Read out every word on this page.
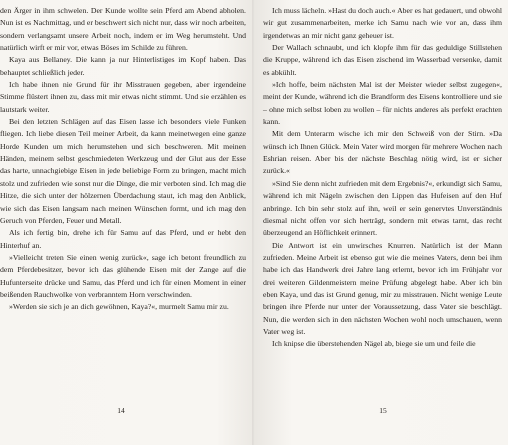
den Ärger in ihm schwelen. Der Kunde wollte sein Pferd am Abend abholen. Nun ist es Nachmittag, und er beschwert sich nicht nur, dass wir noch arbeiten, sondern verlangsamt unsere Arbeit noch, indem er im Weg herumsteht. Und natürlich wirft er mir vor, etwas Böses im Schilde zu führen.

Kaya aus Bellaney. Die kann ja nur Hinterlistiges im Kopf haben. Das behauptet schließlich jeder.

Ich habe ihnen nie Grund für ihr Misstrauen gegeben, aber irgendeine Stimme flüstert ihnen zu, dass mit mir etwas nicht stimmt. Und sie erzählen es lautstark weiter.

Bei den letzten Schlägen auf das Eisen lasse ich besonders viele Funken fliegen. Ich liebe diesen Teil meiner Arbeit, da kann meinetwegen eine ganze Horde Kunden um mich herumstehen und sich beschweren. Mit meinen Händen, meinem selbst geschmiedeten Werkzeug und der Glut aus der Esse das harte, unnachgiebige Eisen in jede beliebige Form zu bringen, macht mich stolz und zufrieden wie sonst nur die Dinge, die mir verboten sind. Ich mag die Hitze, die sich unter der hölzernen Überdachung staut, ich mag den Anblick, wie sich das Eisen langsam nach meinen Wünschen formt, und ich mag den Geruch von Pferden, Feuer und Metall.

Als ich fertig bin, drehe ich für Samu auf das Pferd, und er hebt den Hinterhuf an.

»Vielleicht treten Sie einen wenig zurück«, sage ich betont freundlich zu dem Pferdebesitzer, bevor ich das glühende Eisen mit der Zange auf die Hufunterseite drücke und Samu, das Pferd und ich für einen Moment in einer beißenden Rauchwolke von verbranntem Horn verschwinden.

»Werden sie sich je an dich gewöhnen, Kaya?«, murmelt Samu mir zu.

14

Ich muss lächeln. »Hast du doch auch.« Aber es hat gedauert, und obwohl wir gut zusammenarbeiten, merke ich Samu nach wie vor an, dass ihm irgendetwas an mir nicht ganz geheuer ist.

Der Wallach schnaubt, und ich klopfe ihm für das geduldige Stillstehen die Kruppe, während ich das Eisen zischend im Wasserbad versenke, damit es abkühlt.

»Ich hoffe, beim nächsten Mal ist der Meister wieder selbst zugegen«, meint der Kunde, während ich die Brandform des Eisens kontrolliere und sie – ohne mich selbst loben zu wollen – für nichts anderes als perfekt erachten kann.

Mit dem Unterarm wische ich mir den Schweiß von der Stirn. »Da wünsch ich Ihnen Glück. Mein Vater wird morgen für mehrere Wochen nach Eshrian reisen. Aber bis der nächste Beschlag nötig wird, ist er sicher zurück.«

»Sind Sie denn nicht zufrieden mit dem Ergebnis?«, erkundigt sich Samu, während ich mit Nägeln zwischen den Lippen das Hufeisen auf den Huf anbringe. Ich bin sehr stolz auf ihn, weil er sein genervtes Unverständnis diesmal nicht offen vor sich herträgt, sondern mit etwas tarnt, das recht überzeugend an Höflichkeit erinnert.

Die Antwort ist ein unwirsches Knurren. Natürlich ist der Mann zufrieden. Meine Arbeit ist ebenso gut wie die meines Vaters, denn bei ihm habe ich das Handwerk drei Jahre lang erlernt, bevor ich im Frühjahr vor drei weiteren Gildenmeistern meine Prüfung abgelegt habe. Aber ich bin eben Kaya, und das ist Grund genug, mir zu misstrauen. Nicht wenige Leute bringen ihre Pferde nur unter der Voraussetzung, dass Vater sie beschlägt. Nun, die werden sich in den nächsten Wochen wohl noch umschauen, wenn Vater weg ist.

Ich knipse die überstehenden Nägel ab, biege sie um und feile die

15
